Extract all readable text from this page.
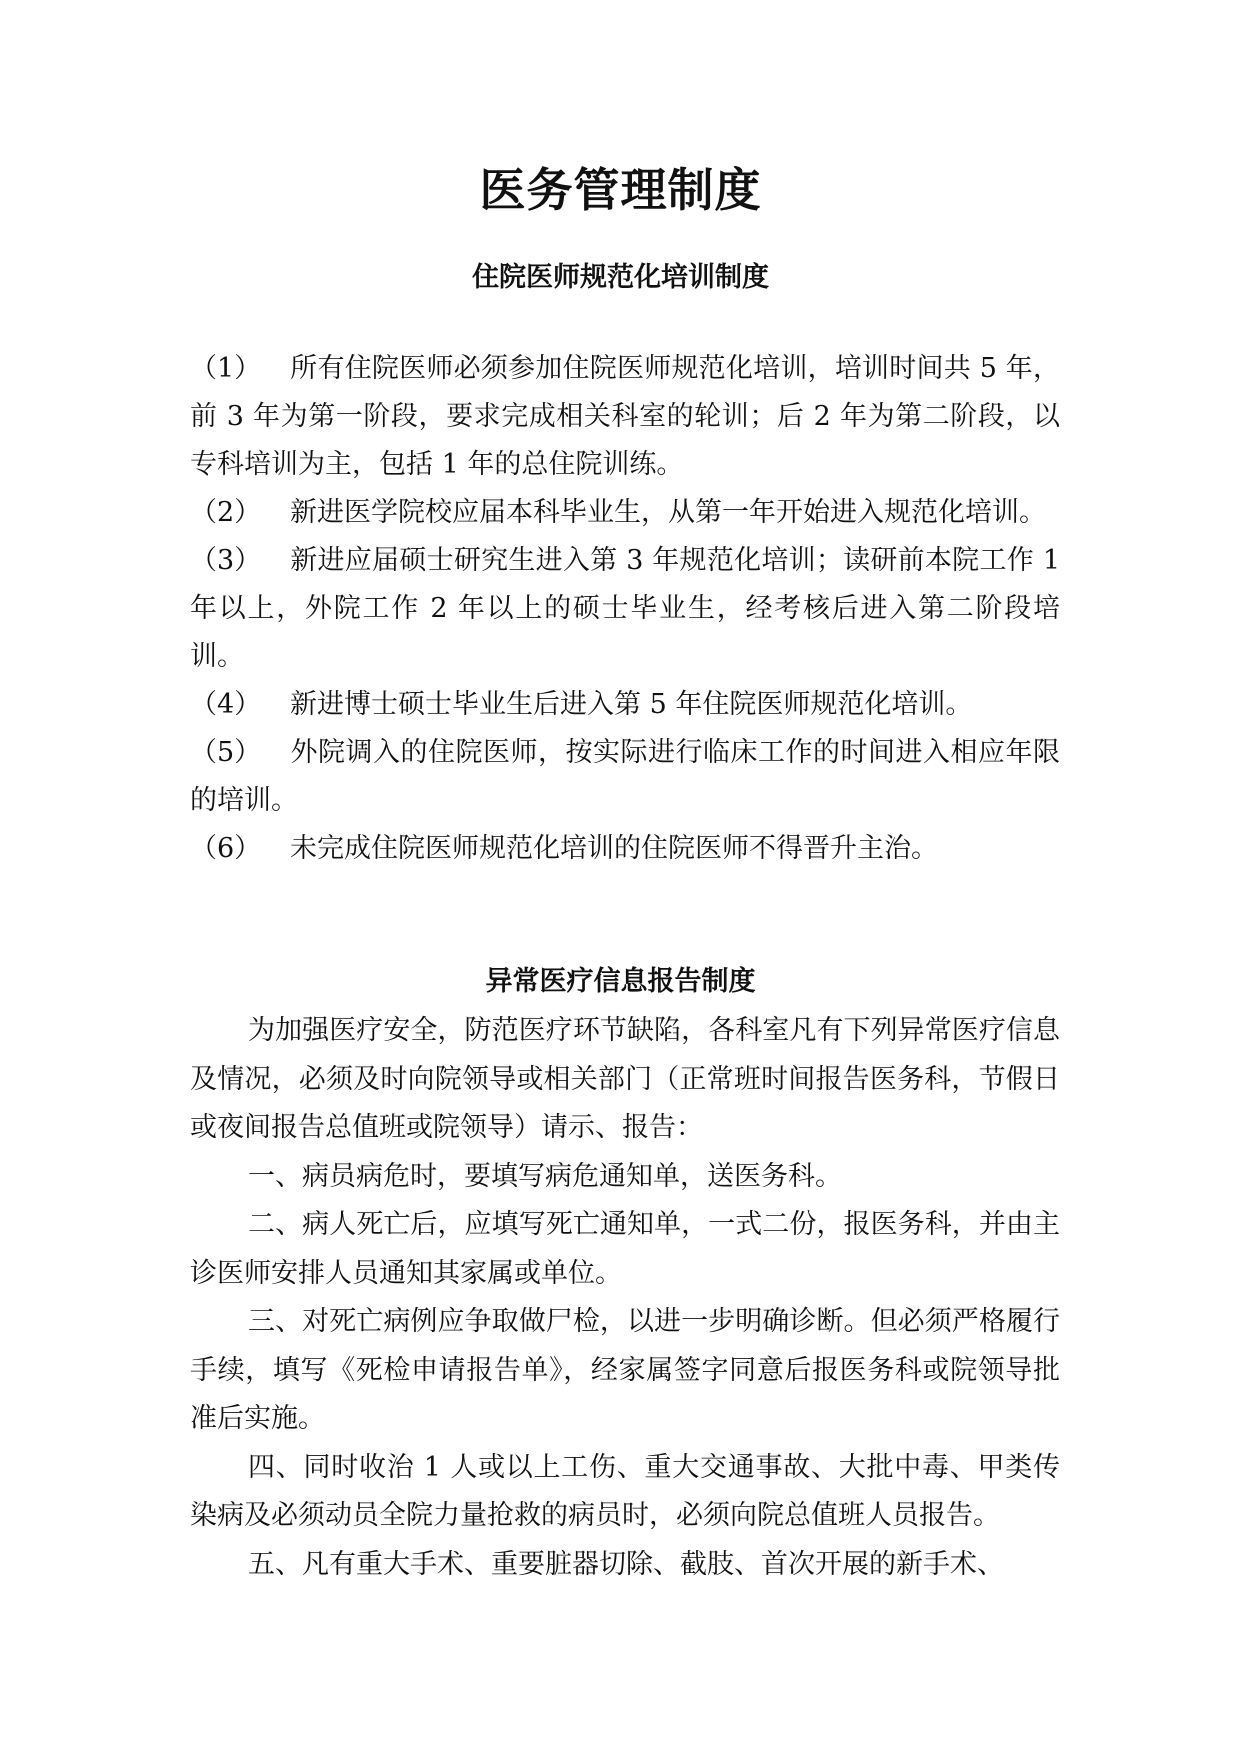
医务管理制度
住院医师规范化培训制度

（1） 所有住院医师必须参加住院医师规范化培训，培训时间共 5 年，前 3 年为第一阶段，要求完成相关科室的轮训；后 2 年为第二阶段，以专科培训为主，包括 1 年的总住院训练。

（2） 新进医学院校应届本科毕业生，从第一年开始进入规范化培训。

（3） 新进应届硕士研究生进入第 3 年规范化培训；读研前本院工作 1 年以上，外院工作 2 年以上的硕士毕业生，经考核后进入第二阶段培训。

（4） 新进博士硕士毕业生后进入第 5 年住院医师规范化培训。

（5） 外院调入的住院医师，按实际进行临床工作的时间进入相应年限的培训。

（6） 未完成住院医师规范化培训的住院医师不得晋升主治。

异常医疗信息报告制度

为加强医疗安全，防范医疗环节缺陷，各科室凡有下列异常医疗信息及情况，必须及时向院领导或相关部门（正常班时间报告医务科，节假日或夜间报告总值班或院领导）请示、报告：

一、病员病危时，要填写病危通知单，送医务科。

二、病人死亡后，应填写死亡通知单，一式二份，报医务科，并由主诊医师安排人员通知其家属或单位。

三、对死亡病例应争取做尸检，以进一步明确诊断。但必须严格履行手续，填写《死检申请报告单》，经家属签字同意后报医务科或院领导批准后实施。

四、同时收治 1 人或以上工伤、重大交通事故、大批中毒、甲类传染病及必须动员全院力量抢救的病员时，必须向院总值班人员报告。

五、凡有重大手术、重要脏器切除、截肢、首次开展的新手术、
